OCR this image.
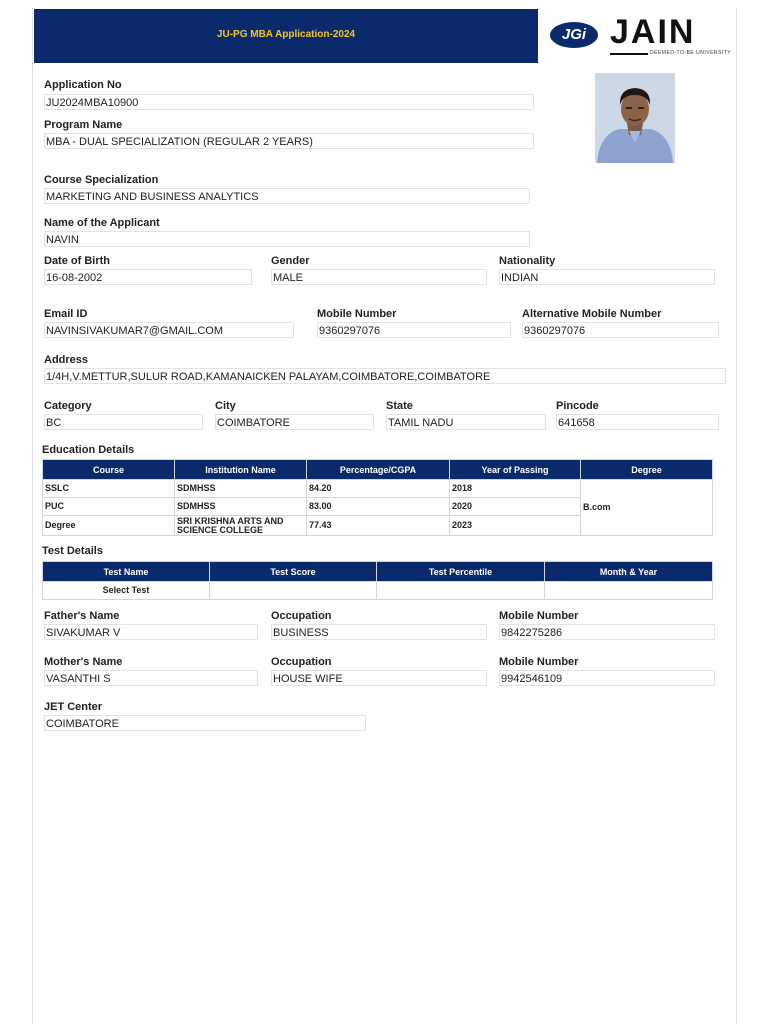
JU-PG MBA Application-2024	JGi JAIN
DEEMED-TO-BE UNIVERSITY
Application No
JU2024MBA10900
Program Name
MBA - DUAL SPECIALIZATION (REGULAR 2 YEARS)
Course Specialization
MARKETING AND BUSINESS ANALYTICS
Name of the Applicant
NAVIN
Date of Birth
16-08-2002
Gender
MALE
Nationality
INDIAN
Email ID
NAVINSIVAKUMAR7@GMAIL.COM
Mobile Number
9360297076
Alternative Mobile Number
9360297076
Address
1/4H,V.METTUR,SULUR ROAD,KAMANAICKEN PALAYAM,COIMBATORE,COIMBATORE
Category
BC
City
COIMBATORE
State
TAMIL NADU
Pincode
641658
Education Details
Course	Institution Name	Percentage/CGPA	Year of Passing	Degree
SSLC	SDMHSS	84.20	2018	B.com
PUC	SDMHSS	83.00	2020	
Degree	SRI KRISHNA ARTS AND SCIENCE COLLEGE	77.43	2023	
Test Details
Test Name	Test Score	Test Percentile	Month & Year
Select Test			
Father's Name
SIVAKUMAR V
Occupation
BUSINESS
Mobile Number
9842275286
Mother's Name
VASANTHI S
Occupation
HOUSE WIFE
Mobile Number
9942546109
JET Center
COIMBATORE
